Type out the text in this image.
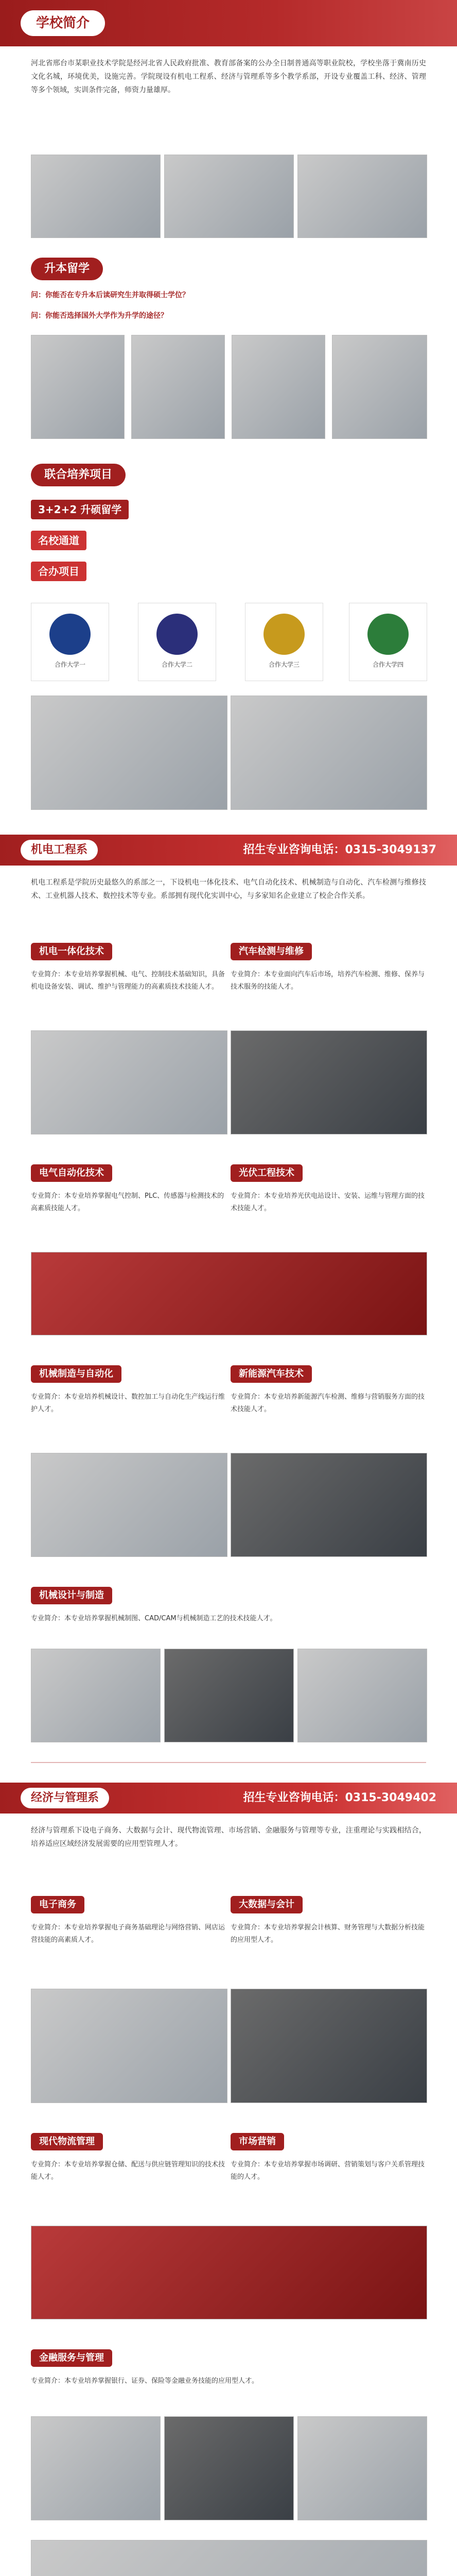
学校简介
河北省邢台市某职业技术学院是经河北省人民政府批准、教育部备案的公办全日制普通高等职业院校，学校坐落于冀南历史文化名城，环境优美，设施完善。学院现设有机电工程系、经济与管理系等多个教学系部，开设专业覆盖工科、经济、管理等多个领域，实训条件完备，师资力量雄厚。
升本留学
问：你能否在专升本后读研究生并取得硕士学位？
问：你能否选择国外大学作为升学的途径？
联合培养项目
3+2+2 升硕留学
名校通道
合办项目
合作大学一	合作大学二	合作大学三	合作大学四
机电工程系	招生专业咨询电话：0315-3049137
机电工程系是学院历史最悠久的系部之一，下设机电一体化技术、电气自动化技术、机械制造与自动化、汽车检测与维修技术、工业机器人技术、数控技术等专业。系部拥有现代化实训中心，与多家知名企业建立了校企合作关系。
机电一体化技术
专业简介：本专业培养掌握机械、电气、控制技术基础知识，具备机电设备安装、调试、维护与管理能力的高素质技术技能人才。
汽车检测与维修
专业简介：本专业面向汽车后市场，培养汽车检测、维修、保养与技术服务的技能人才。
电气自动化技术
专业简介：本专业培养掌握电气控制、PLC、传感器与检测技术的高素质技能人才。
光伏工程技术
专业简介：本专业培养光伏电站设计、安装、运维与管理方面的技术技能人才。
机械制造与自动化
专业简介：本专业培养机械设计、数控加工与自动化生产线运行维护人才。
新能源汽车技术
专业简介：本专业培养新能源汽车检测、维修与营销服务方面的技术技能人才。
机械设计与制造
专业简介：本专业培养掌握机械制图、CAD/CAM与机械制造工艺的技术技能人才。
经济与管理系	招生专业咨询电话：0315-3049402
经济与管理系下设电子商务、大数据与会计、现代物流管理、市场营销、金融服务与管理等专业，注重理论与实践相结合，培养适应区域经济发展需要的应用型管理人才。
电子商务
专业简介：本专业培养掌握电子商务基础理论与网络营销、网店运营技能的高素质人才。
大数据与会计
专业简介：本专业培养掌握会计核算、财务管理与大数据分析技能的应用型人才。
现代物流管理
专业简介：本专业培养掌握仓储、配送与供应链管理知识的技术技能人才。
市场营销
专业简介：本专业培养掌握市场调研、营销策划与客户关系管理技能的人才。
金融服务与管理
专业简介：本专业培养掌握银行、证券、保险等金融业务技能的应用型人才。
